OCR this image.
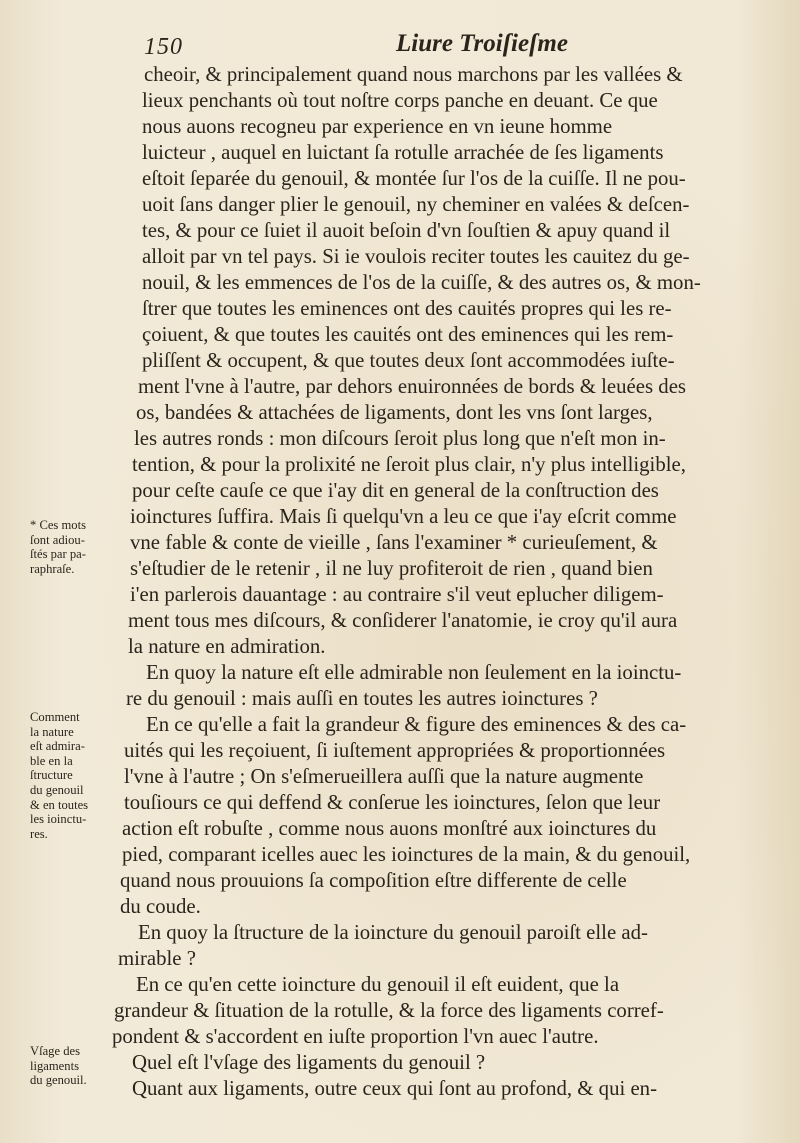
150	Liure Troiſieſme
cheoir, & principalement quand nous marchons par les vallées &
lieux penchants où tout noſtre corps panche en deuant. Ce que
nous auons recogneu par experience en vn ieune homme
luicteur , auquel en luictant ſa rotulle arrachée de ſes ligaments
eſtoit ſeparée du genouil, & montée ſur l'os de la cuiſſe. Il ne pou-
uoit ſans danger plier le genouil, ny cheminer en valées & deſcen-
tes, & pour ce ſuiet il auoit beſoin d'vn ſouſtien & apuy quand il
alloit par vn tel pays. Si ie voulois reciter toutes les cauitez du ge-
nouil, & les emmences de l'os de la cuiſſe, & des autres os, & mon-
ſtrer que toutes les eminences ont des cauités propres qui les re-
çoiuent, & que toutes les cauités ont des eminences qui les rem-
pliſſent & occupent, & que toutes deux ſont accommodées iuſte-
ment l'vne à l'autre, par dehors enuironnées de bords & leuées des
os, bandées & attachées de ligaments, dont les vns ſont larges,
les autres ronds : mon diſcours ſeroit plus long que n'eſt mon in-
tention, & pour la prolixité ne ſeroit plus clair, n'y plus intelligible,
pour ceſte cauſe ce que i'ay dit en general de la conſtruction des
ioinctures ſuffira. Mais ſi quelqu'vn a leu ce que i'ay eſcrit comme
vne fable & conte de vieille , ſans l'examiner * curieuſement, &
s'eſtudier de le retenir , il ne luy profiteroit de rien , quand bien
i'en parlerois dauantage : au contraire s'il veut eplucher diligem-
ment tous mes diſcours, & conſiderer l'anatomie, ie croy qu'il aura
la nature en admiration.
En quoy la nature eſt elle admirable non ſeulement en la ioinctu-
re du genouil : mais auſſi en toutes les autres ioinctures ?
En ce qu'elle a fait la grandeur & figure des eminences & des ca-
uités qui les reçoiuent, ſi iuſtement appropriées & proportionnées
l'vne à l'autre ; On s'eſmerueillera auſſi que la nature augmente
touſiours ce qui deffend & conſerue les ioinctures, ſelon que leur
action eſt robuſte , comme nous auons monſtré aux ioinctures du
pied, comparant icelles auec les ioinctures de la main, & du genouil,
quand nous prouuions ſa compoſition eſtre differente de celle
du coude.
En quoy la ſtructure de la ioincture du genouil paroiſt elle ad-
mirable ?
En ce qu'en cette ioincture du genouil il eſt euident, que la
grandeur & ſituation de la rotulle, & la force des ligaments corref-
pondent & s'accordent en iuſte proportion l'vn auec l'autre.
Quel eſt l'vſage des ligaments du genouil ?
Quant aux ligaments, outre ceux qui ſont au profond, & qui en-
* Ces mots
ſont adiou-
ſtés par pa-
raphraſe.
Comment
la nature
eſt admira-
ble en la
ſtructure
du genouil
& en toutes
les ioinctu-
res.
Vſage des
ligaments
du genouil.
